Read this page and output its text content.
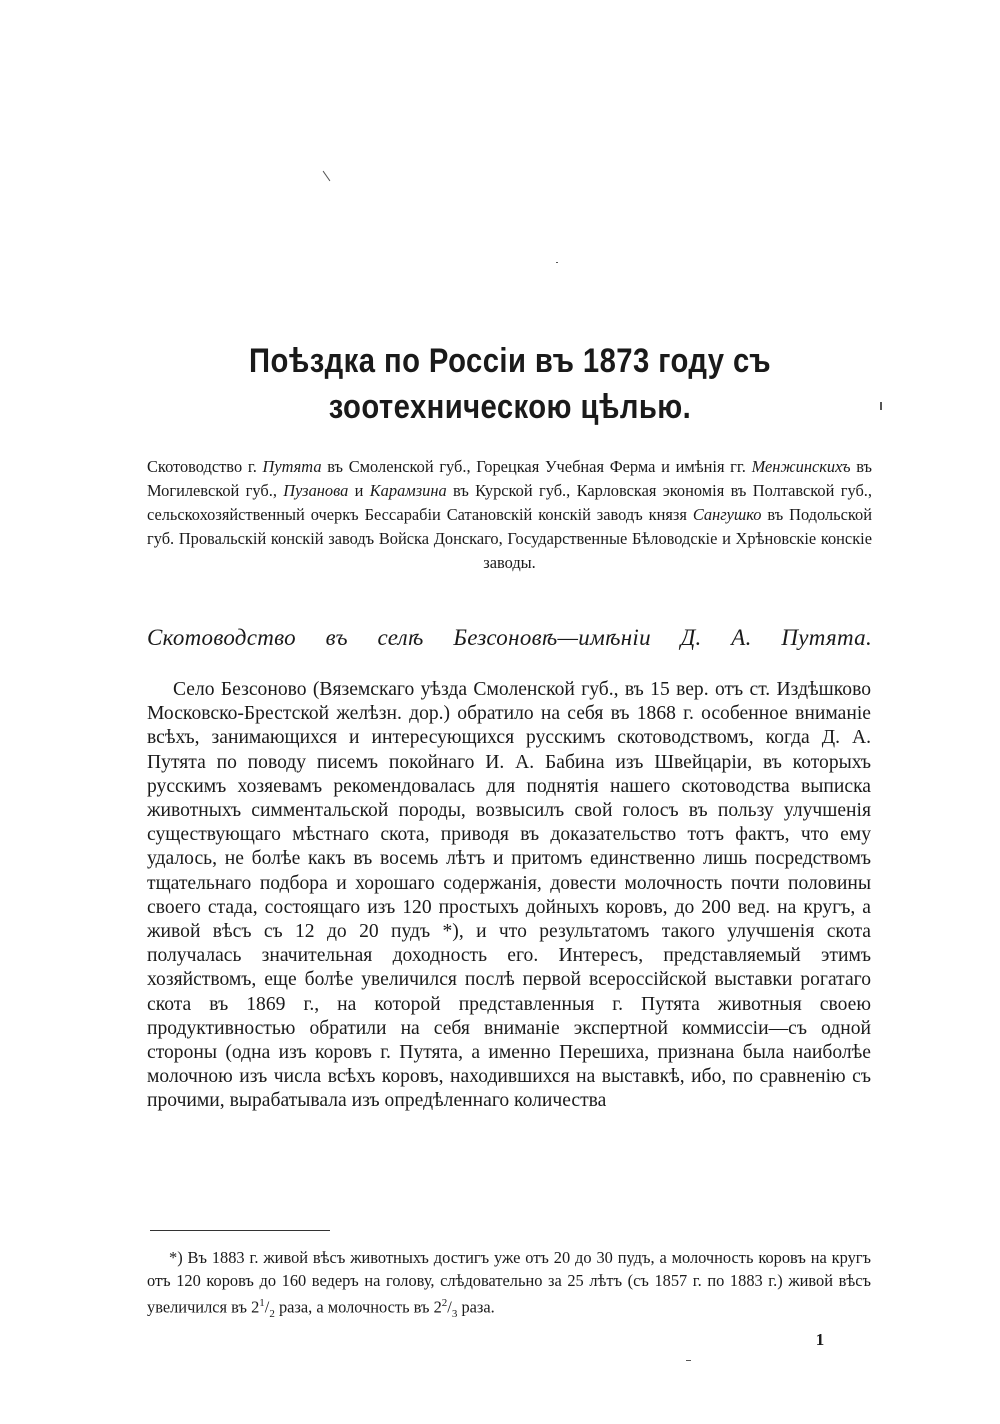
Поѣздка по Россіи въ 1873 году съ зоотехническою цѣлью.
Скотоводство г. Путята въ Смоленской губ., Горецкая Учебная Ферма и имѣнія гг. Менжинскихъ въ Могилевской губ., Пузанова и Карамзина въ Курской губ., Карловская экономія въ Полтавской губ., сельскохозяйственный очеркъ Бессарабіи Сатановскій конскій заводъ князя Сангушко въ Подольской губ. Провальскій конскій заводъ Войска Донскаго, Государственные Бѣловодскіе и Хрѣновскіе конскіе заводы.
Скотоводство въ селѣ Безсоновѣ—имѣніи Д. А. Путята.
Село Безсоново (Вяземскаго уѣзда Смоленской губ., въ 15 вер. отъ ст. Издѣшково Московско-Брестской желѣзн. дор.) обратило на себя въ 1868 г. особенное вниманіе всѣхъ, занимающихся и интересующихся русскимъ скотоводствомъ, когда Д. А. Путята по поводу писемъ покойнаго И. А. Бабина изъ Швейцаріи, въ которыхъ русскимъ хозяевамъ рекомендовалась для поднятія нашего скотоводства выписка животныхъ симментальской породы, возвысилъ свой голосъ въ пользу улучшенія существующаго мѣстнаго скота, приводя въ доказательство тотъ фактъ, что ему удалось, не болѣе какъ въ восемь лѣтъ и притомъ единственно лишь посредствомъ тщательнаго подбора и хорошаго содержанія, довести молочность почти половины своего стада, состоящаго изъ 120 простыхъ дойныхъ коровъ, до 200 вед. на кругъ, а живой вѣсъ съ 12 до 20 пудъ *), и что результатомъ такого улучшенія скота получалась значительная доходность его. Интересъ, представляемый этимъ хозяйствомъ, еще болѣе увеличился послѣ первой всероссійской выставки рогатаго скота въ 1869 г., на которой представленныя г. Путята животныя своею продуктивностью обратили на себя вниманіе экспертной коммиссіи—съ одной стороны (одна изъ коровъ г. Путята, а именно Перешиха, признана была наиболѣе молочною изъ числа всѣхъ коровъ, находившихся на выставкѣ, ибо, по сравненію съ прочими, вырабатывала изъ опредѣленнаго количества
*) Въ 1883 г. живой вѣсъ животныхъ достигъ уже отъ 20 до 30 пудъ, а молочность коровъ на кругъ отъ 120 коровъ до 160 ведеръ на голову, слѣдовательно за 25 лѣтъ (съ 1857 г. по 1883 г.) живой вѣсъ увеличился въ $2^1/_2$ раза, а молочность въ $2^2/_3$ раза.
1
